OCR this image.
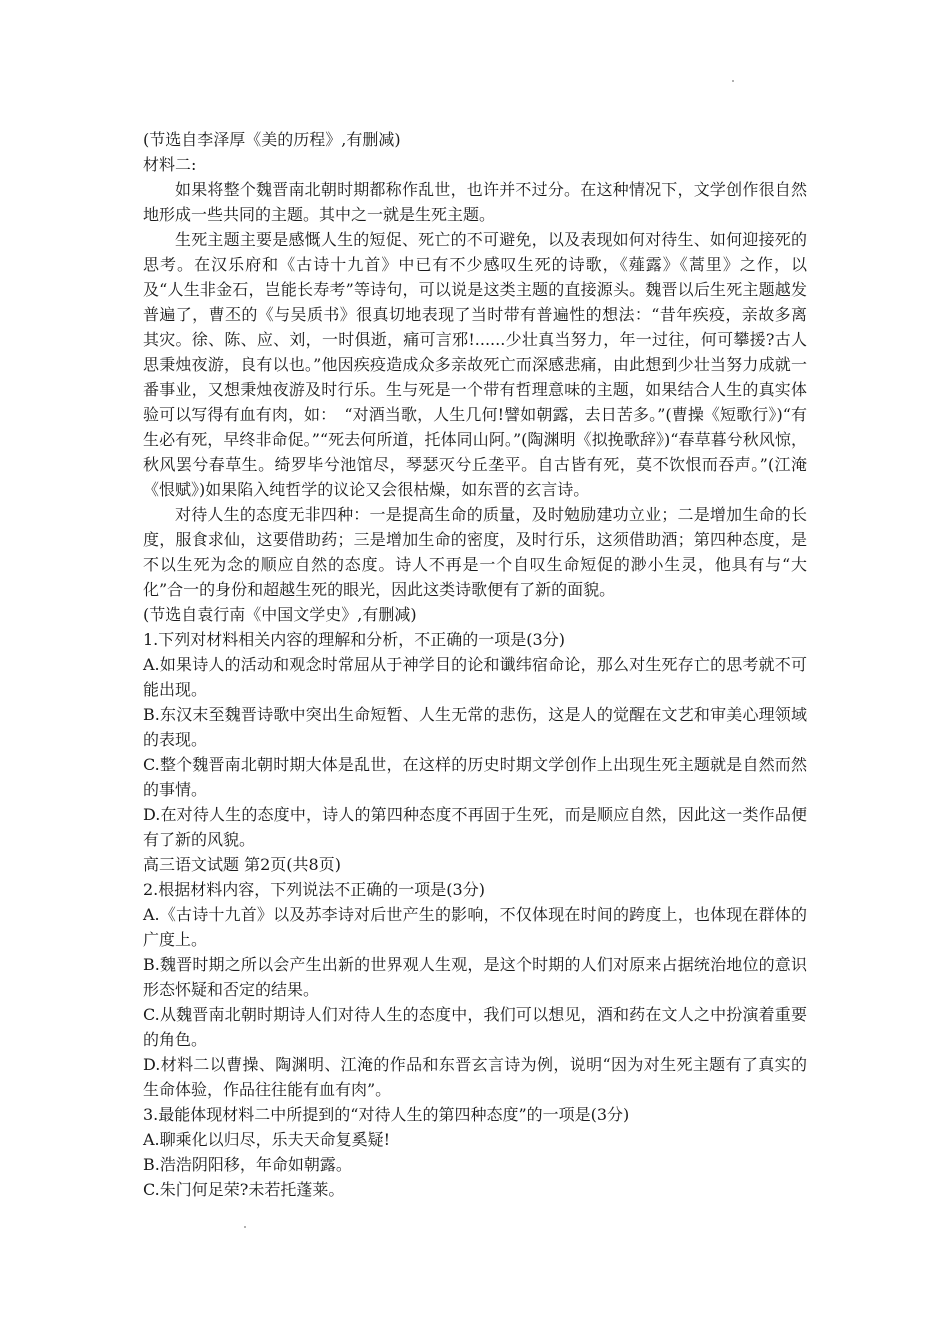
(节选自李泽厚《美的历程》,有删减)
材料二:

如果将整个魏晋南北朝时期都称作乱世，也许并不过分。在这种情况下，文学创作很自然地形成一些共同的主题。其中之一就是生死主题。

生死主题主要是感慨人生的短促、死亡的不可避免，以及表现如何对待生、如何迎接死的思考。在汉乐府和《古诗十九首》中已有不少感叹生死的诗歌，《薤露》《蒿里》之作，以及“人生非金石，岂能长寿考”等诗句，可以说是这类主题的直接源头。魏晋以后生死主题越发普遍了，曹丕的《与吴质书》很真切地表现了当时带有普遍性的想法：“昔年疾疫，亲故多离其灾。徐、陈、应、刘，一时俱逝，痛可言邪!......少壮真当努力，年一过往，何可攀援?古人思秉烛夜游，良有以也。”他因疾疫造成众多亲故死亡而深感悲痛，由此想到少壮当努力成就一番事业，又想秉烛夜游及时行乐。生与死是一个带有哲理意味的主题，如果结合人生的真实体验可以写得有血有肉，如：　“对酒当歌，人生几何!譬如朝露，去日苦多。”(曹操《短歌行》)“有生必有死，早终非命促。”“死去何所道，托体同山阿。”(陶渊明《拟挽歌辞》)“春草暮兮秋风惊，秋风罢兮春草生。绮罗毕兮池馆尽，琴瑟灭兮丘垄平。自古皆有死，莫不饮恨而吞声。”(江淹《恨赋》)如果陷入纯哲学的议论又会很枯燥，如东晋的玄言诗。

对待人生的态度无非四种：一是提高生命的质量，及时勉励建功立业；二是增加生命的长度，服食求仙，这要借助药；三是增加生命的密度，及时行乐，这须借助酒；第四种态度，是不以生死为念的顺应自然的态度。诗人不再是一个自叹生命短促的渺小生灵，他具有与“大化”合一的身份和超越生死的眼光，因此这类诗歌便有了新的面貌。

(节选自袁行南《中国文学史》,有删减)
1.下列对材料相关内容的理解和分析，不正确的一项是(3分)
A.如果诗人的活动和观念时常屈从于神学目的论和谶纬宿命论，那么对生死存亡的思考就不可能出现。
B.东汉末至魏晋诗歌中突出生命短暂、人生无常的悲伤，这是人的觉醒在文艺和审美心理领域的表现。
C.整个魏晋南北朝时期大体是乱世，在这样的历史时期文学创作上出现生死主题就是自然而然的事情。
D.在对待人生的态度中，诗人的第四种态度不再固于生死，而是顺应自然，因此这一类作品便有了新的风貌。
高三语文试题 第2页(共8页)
2.根据材料内容，下列说法不正确的一项是(3分)
A.《古诗十九首》以及苏李诗对后世产生的影响，不仅体现在时间的跨度上，也体现在群体的广度上。
B.魏晋时期之所以会产生出新的世界观人生观，是这个时期的人们对原来占据统治地位的意识形态怀疑和否定的结果。
C.从魏晋南北朝时期诗人们对待人生的态度中，我们可以想见，酒和药在文人之中扮演着重要的角色。
D.材料二以曹操、陶渊明、江淹的作品和东晋玄言诗为例，说明“因为对生死主题有了真实的生命体验，作品往往能有血有肉”。
3.最能体现材料二中所提到的“对待人生的第四种态度”的一项是(3分)
A.聊乘化以归尽，乐夫天命复奚疑!
B.浩浩阴阳移，年命如朝露。
C.朱门何足荣?未若托蓬莱。
